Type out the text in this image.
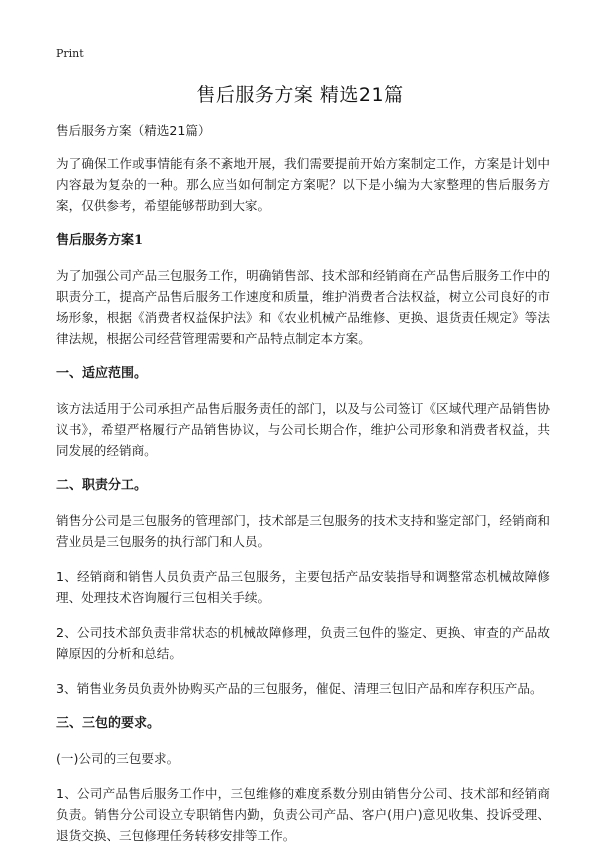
Print
售后服务方案 精选21篇

售后服务方案（精选21篇）

为了确保工作或事情能有条不紊地开展，我们需要提前开始方案制定工作，方案是计划中内容最为复杂的一种。那么应当如何制定方案呢？以下是小编为大家整理的售后服务方案，仅供参考，希望能够帮助到大家。

售后服务方案1

为了加强公司产品三包服务工作，明确销售部、技术部和经销商在产品售后服务工作中的职责分工，提高产品售后服务工作速度和质量，维护消费者合法权益，树立公司良好的市场形象，根据《消费者权益保护法》和《农业机械产品维修、更换、退货责任规定》等法律法规，根据公司经营管理需要和产品特点制定本方案。

一、适应范围。

该方法适用于公司承担产品售后服务责任的部门，以及与公司签订《区域代理产品销售协议书》，希望严格履行产品销售协议，与公司长期合作，维护公司形象和消费者权益，共同发展的经销商。

二、职责分工。

销售分公司是三包服务的管理部门，技术部是三包服务的技术支持和鉴定部门，经销商和营业员是三包服务的执行部门和人员。

1、经销商和销售人员负责产品三包服务，主要包括产品安装指导和调整常态机械故障修理、处理技术咨询履行三包相关手续。

2、公司技术部负责非常状态的机械故障修理，负责三包件的鉴定、更换、审查的产品故障原因的分析和总结。

3、销售业务员负责外协购买产品的三包服务，催促、清理三包旧产品和库存积压产品。

三、三包的要求。

(一)公司的三包要求。

1、公司产品售后服务工作中，三包维修的难度系数分别由销售分公司、技术部和经销商负责。销售分公司设立专职销售内勤，负责公司产品、客户(用户)意见收集、投诉受理、退货交换、三包修理任务转移安排等工作。
